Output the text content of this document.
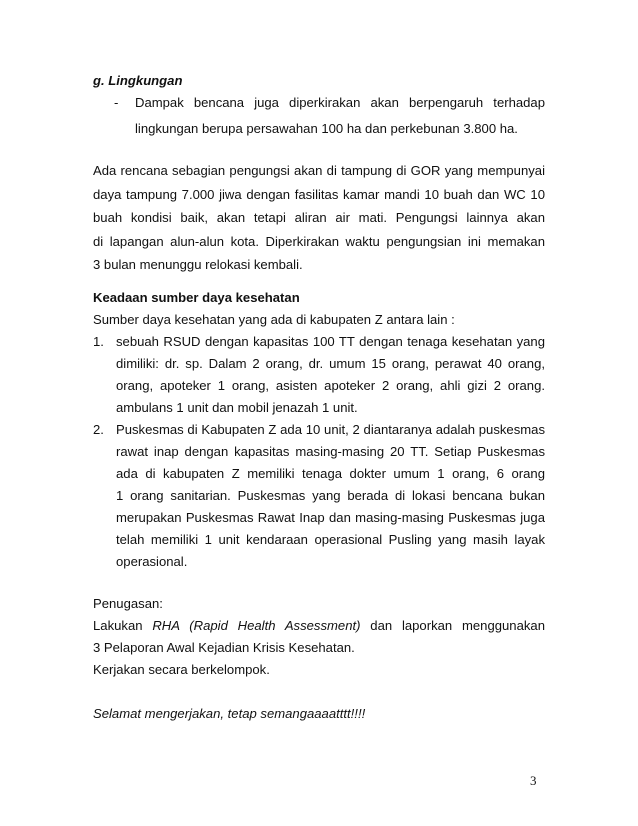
g. Lingkungan
- Dampak bencana juga diperkirakan akan berpengaruh terhadap
lingkungan berupa persawahan 100 ha dan perkebunan 3.800 ha.
Ada rencana sebagian pengungsi akan di tampung di GOR yang mempunyai
daya tampung 7.000 jiwa dengan fasilitas kamar mandi 10 buah dan WC 10
buah kondisi baik, akan tetapi aliran air mati. Pengungsi lainnya akan
di lapangan alun-alun kota. Diperkirakan waktu pengungsian ini memakan
3 bulan menunggu relokasi kembali.
Keadaan sumber daya kesehatan
Sumber daya kesehatan yang ada di kabupaten Z antara lain :
1. sebuah RSUD dengan kapasitas 100 TT dengan tenaga kesehatan yang
dimiliki: dr. sp. Dalam 2 orang, dr. umum 15 orang, perawat 40 orang,
orang, apoteker 1 orang, asisten apoteker 2 orang, ahli gizi 2 orang.
ambulans 1 unit dan mobil jenazah 1 unit.
2. Puskesmas di Kabupaten Z ada 10 unit, 2 diantaranya adalah puskesmas
rawat inap dengan kapasitas masing-masing 20 TT. Setiap Puskesmas
ada di kabupaten Z memiliki tenaga dokter umum 1 orang, 6 orang
1 orang sanitarian. Puskesmas yang berada di lokasi bencana bukan
merupakan Puskesmas Rawat Inap dan masing-masing Puskesmas juga
telah memiliki 1 unit kendaraan operasional Pusling yang masih layak
operasional.
Penugasan:
Lakukan RHA (Rapid Health Assessment) dan laporkan menggunakan
3 Pelaporan Awal Kejadian Krisis Kesehatan.
Kerjakan secara berkelompok.
Selamat mengerjakan, tetap semangaaaatttt!!!!
3
